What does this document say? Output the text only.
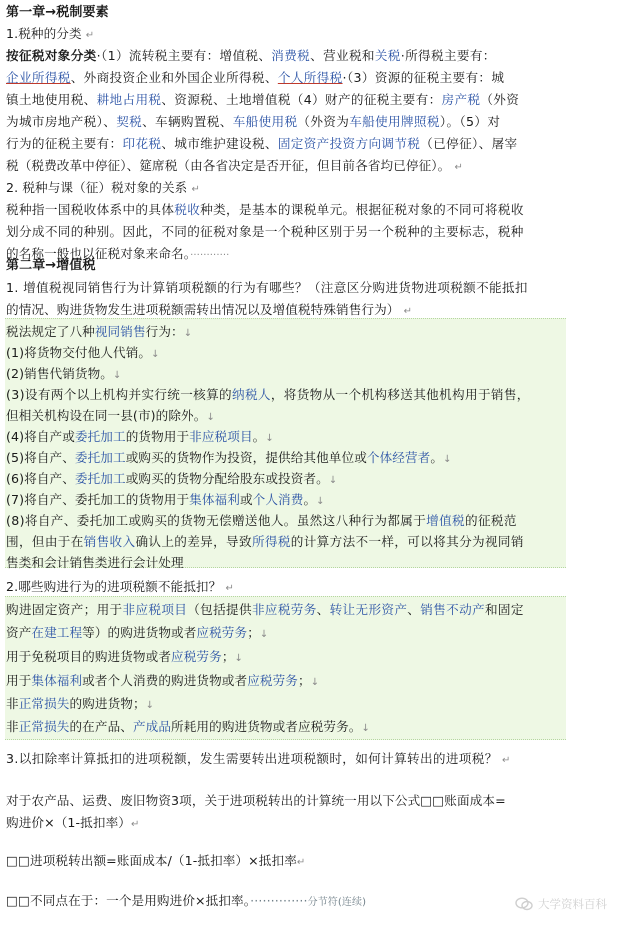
第一章→税制要素
1.税种的分类 ↵
按征税对象分类·（1）流转税主要有：增值税、消费税、营业税和关税·所得税主要有：
企业所得税、外商投资企业和外国企业所得税、个人所得税·（3）资源的征税主要有：城
镇土地使用税、耕地占用税、资源税、土地增值税（4）财产的征税主要有：房产税（外资
为城市房地产税）、契税、车辆购置税、车船使用税（外资为车船使用牌照税）。（5）对
行为的征税主要有：印花税、城市维护建设税、固定资产投资方向调节税（已停征）、屠宰
税（税费改革中停征）、筵席税（由各省决定是否开征，但目前各省均已停征）。 ↵
2. 税种与课（征）税对象的关系 ↵
税种指一国税收体系中的具体税收种类，是基本的课税单元。根据征税对象的不同可将税收
划分成不同的种别。因此，不同的征税对象是一个税种区别于另一个税种的主要标志，税种
的名称一般也以征税对象来命名。············
第二章→增值税
1. 增值税视同销售行为计算销项税额的行为有哪些？（注意区分购进货物进项税额不能抵扣
的情况、购进货物发生进项税额需转出情况以及增值税特殊销售行为） ↵
税法规定了八种视同销售行为：↓
(1)将货物交付他人代销。↓
(2)销售代销货物。↓
(3)设有两个以上机构并实行统一核算的纳税人，将货物从一个机构移送其他机构用于销售，
但相关机构设在同一县(市)的除外。↓
(4)将自产或委托加工的货物用于非应税项目。↓
(5)将自产、委托加工或购买的货物作为投资，提供给其他单位或个体经营者。↓
(6)将自产、委托加工或购买的货物分配给股东或投资者。↓
(7)将自产、委托加工的货物用于集体福利或个人消费。↓
(8)将自产、委托加工或购买的货物无偿赠送他人。虽然这八种行为都属于增值税的征税范
围，但由于在销售收入确认上的差异，导致所得税的计算方法不一样，可以将其分为视同销
售类和会计销售类进行会计处理
2.哪些购进行为的进项税额不能抵扣？ ↵
购进固定资产；用于非应税项目（包括提供非应税劳务、转让无形资产、销售不动产和固定
资产在建工程等）的购进货物或者应税劳务；↓
用于免税项目的购进货物或者应税劳务；↓
用于集体福利或者个人消费的购进货物或者应税劳务；↓
非正常损失的购进货物；↓
非正常损失的在产品、产成品所耗用的购进货物或者应税劳务。↓
3.以扣除率计算抵扣的进项税额，发生需要转出进项税额时，如何计算转出的进项税？ ↵
对于农产品、运费、废旧物资3项，关于进项税转出的计算统一用以下公式□□账面成本=
购进价×（1-抵扣率）↵
□□进项税转出额=账面成本/（1-抵扣率）×抵扣率↵
□□不同点在于：一个是用购进价×抵扣率。··············分节符(连续)	大学资料百科
